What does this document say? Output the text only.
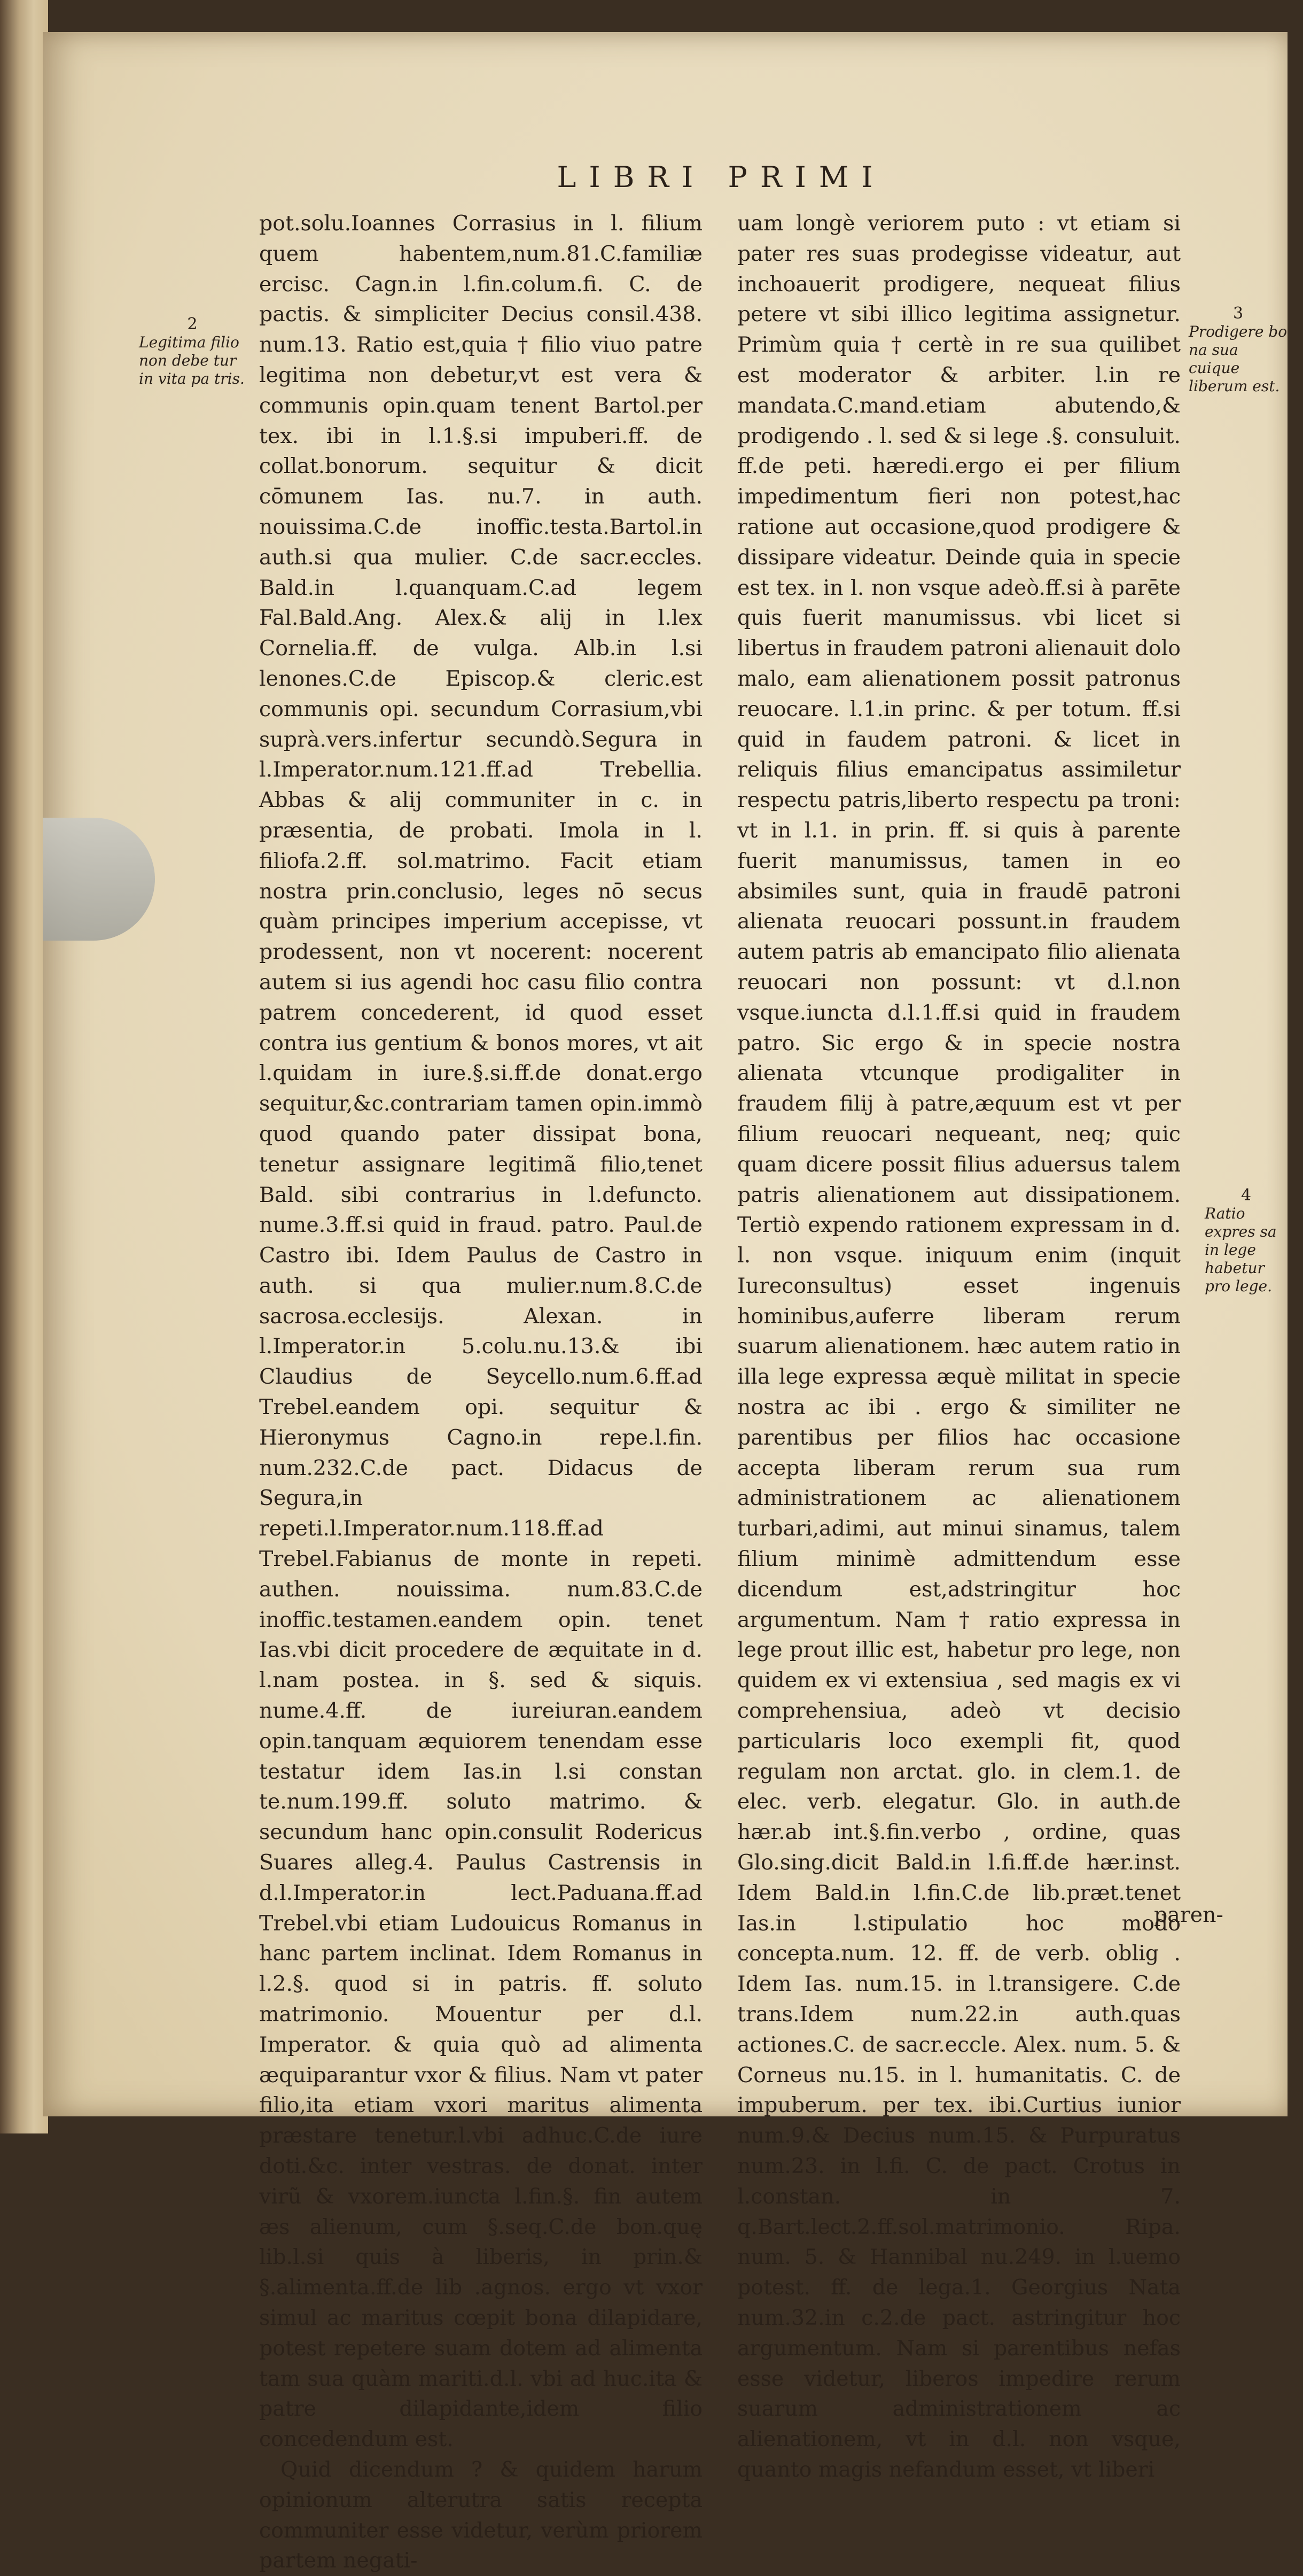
LIBRI PRIMI
2
Legitima filio non debe tur in vita pa tris.

pot.solu.Ioannes Corrasius in l. filium quem habentem,num.81.C.familiæ ercisc. Cagn.in l.fin.colum.fi. C. de pactis. & simpliciter Decius consil.438. num.13. Ratio est,quia † filio viuo patre legitima non debetur,vt est vera & communis opin.quam tenent Bartol.per tex. ibi in l.1.§.si impuberi.ff. de collat.bonorum. sequitur & dicit cōmunem Ias. nu.7. in auth. nouissima.C.de inoffic.testa.Bartol.in auth.si qua mulier. C.de sacr.eccles. Bald.in l.quanquam.C.ad legem Fal.Bald.Ang. Alex.& alij in l.lex Cornelia.ff. de vulga. Alb.in l.si lenones.C.de Episcop.& cleric.est communis opi. secundum Corrasium,vbi suprà.vers.infertur secundò.Segura in l.Imperator.num.121.ff.ad Trebellia. Abbas & alij communiter in c. in præsentia, de probati. Imola in l. filiofa.2.ff. sol.matrimo. Facit etiam nostra prin.conclusio, leges nō secus quàm principes imperium accepisse, vt prodessent, non vt nocerent: nocerent autem si ius agendi hoc casu filio contra patrem concederent, id quod esset contra ius gentium & bonos mores, vt ait l.quidam in iure.§.si.ff.de donat.ergo sequitur,&c.contrariam tamen opin.immò quod quando pater dissipat bona, tenetur assignare legitimã filio,tenet Bald. sibi contrarius in l.defuncto. nume.3.ff.si quid in fraud. patro. Paul.de Castro ibi. Idem Paulus de Castro in auth. si qua mulier.num.8.C.de sacrosa.ecclesijs. Alexan. in l.Imperator.in 5.colu.nu.13.& ibi Claudius de Seycello.num.6.ff.ad Trebel.eandem opi. sequitur & Hieronymus Cagno.in repe.l.fin. num.232.C.de pact. Didacus de Segura,in repeti.l.Imperator.num.118.ff.ad Trebel.Fabianus de monte in repeti. authen. nouissima. num.83.C.de inoffic.testamen.eandem opin. tenet Ias.vbi dicit procedere de æquitate in d. l.nam postea. in §. sed & siquis. nume.4.ff. de iureiuran.eandem opin.tanquam æquiorem tenendam esse testatur idem Ias.in l.si constan te.num.199.ff. soluto matrimo. & secundum hanc opin.consulit Rodericus Suares alleg.4. Paulus Castrensis in d.l.Imperator.in lect.Paduana.ff.ad Trebel.vbi etiam Ludouicus Romanus in hanc partem inclinat. Idem Romanus in l.2.§. quod si in patris. ff. soluto matrimonio. Mouentur per d.l. Imperator. & quia quò ad alimenta æquiparantur vxor & filius. Nam vt pater filio,ita etiam vxori maritus alimenta præstare tenetur.l.vbi adhuc.C.de iure doti.&c. inter vestras. de donat. inter virũ & vxorem.iuncta l.fin.§. fin autem æs alienum, cum §.seq.C.de bon.quę lib.l.si quis à liberis, in prin.& §.alimenta.ff.de lib .agnos. ergo vt vxor simul ac maritus cœpit bona dilapidare, potest repetere suam dotem ad alimenta tam sua quàm mariti.d.l. vbi ad huc.ita & patre dilapidante,idem filio concedendum est.

Quid dicendum ? & quidem harum opinionum alterutra satis recepta communiter esse videtur, verùm priorem partem negati-

uam longè veriorem puto : vt etiam si pater res suas prodegisse videatur, aut inchoauerit prodigere, nequeat filius petere vt sibi illico legitima assignetur. Primùm quia † certè in re sua quilibet est moderator & arbiter. l.in re mandata.C.mand.etiam abutendo,& prodigendo . l. sed & si lege .§. consuluit. ff.de peti. hæredi.ergo ei per filium impedimentum fieri non potest,hac ratione aut occasione,quod prodigere & dissipare videatur. Deinde quia in specie est tex. in l. non vsque adeò.ff.si à parēte quis fuerit manumissus. vbi licet si libertus in fraudem patroni alienauit dolo malo, eam alienationem possit patronus reuocare. l.1.in princ. & per totum. ff.si quid in faudem patroni. & licet in reliquis filius emancipatus assimiletur respectu patris,liberto respectu pa troni: vt in l.1. in prin. ff. si quis à parente fuerit manumissus, tamen in eo absimiles sunt, quia in fraudē patroni alienata reuocari possunt.in fraudem autem patris ab emancipato filio alienata reuocari non possunt: vt d.l.non vsque.iuncta d.l.1.ff.si quid in fraudem patro. Sic ergo & in specie nostra alienata vtcunque prodigaliter in fraudem filij à patre,æquum est vt per filium reuocari nequeant, neq; quic quam dicere possit filius aduersus talem patris alienationem aut dissipationem. Tertiò expendo rationem expressam in d. l. non vsque. iniquum enim (inquit Iureconsultus) esset ingenuis hominibus,auferre liberam rerum suarum alienationem. hæc autem ratio in illa lege expressa æquè militat in specie nostra ac ibi . ergo & similiter ne parentibus per filios hac occasione accepta liberam rerum sua rum administrationem ac alienationem turbari,adimi, aut minui sinamus, talem filium minimè admittendum esse dicendum est,adstringitur hoc argumentum. Nam † ratio expressa in lege prout illic est, habetur pro lege, non quidem ex vi extensiua , sed magis ex vi comprehensiua, adeò vt decisio particularis loco exempli fit, quod regulam non arctat. glo. in clem.1. de elec. verb. elegatur. Glo. in auth.de hær.ab int.§.fin.verbo , ordine, quas Glo.sing.dicit Bald.in l.fi.ff.de hær.inst. Idem Bald.in l.fin.C.de lib.præt.tenet Ias.in l.stipulatio hoc modo concepta.num. 12. ff. de verb. oblig . Idem Ias. num.15. in l.transigere. C.de trans.Idem num.22.in auth.quas actiones.C. de sacr.eccle. Alex. num. 5. & Corneus nu.15. in l. humanitatis. C. de impuberum. per tex. ibi.Curtius iunior num.9.& Decius num.15. & Purpuratus num.23. in l.fi. C. de pact. Crotus in l.constan. in 7. q.Bart.lect.2.ff.sol.matrimonio. Ripa. num. 5. & Hannibal nu.249. in l.uemo potest. ff. de lega.1. Georgius Nata num.32.in c.2.de pact. astringitur hoc argumentum. Nam si parentibus nefas esse videtur, liberos impedire rerum suarum administrationem ac alienationem, vt in d.l. non vsque, quanto magis nefandum esset, vt liberi

3
Prodigere bo na sua cuique liberum est.
4
Ratio expres sa in lege habetur pro lege.
paren-
